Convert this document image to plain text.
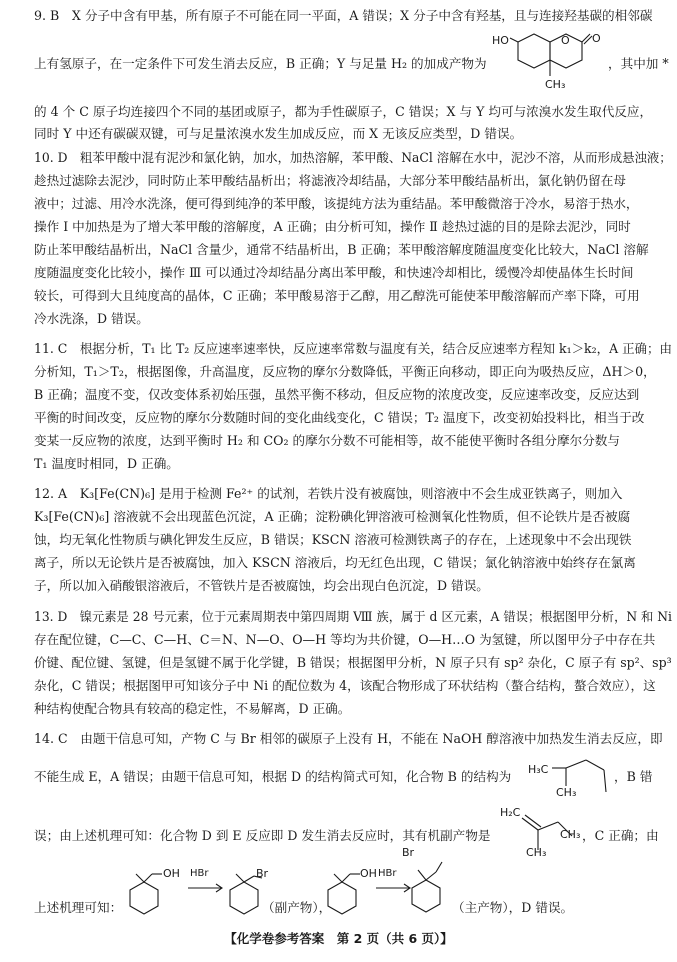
9. B　X 分子中含有甲基，所有原子不可能在同一平面，A 错误；X 分子中含有羟基，且与连接羟基碳的相邻碳
上有氢原子，在一定条件下可发生消去反应，B 正确；Y 与足量 H₂ 的加成产物为	，其中加 *
的 4 个 C 原子均连接四个不同的基团或原子，都为手性碳原子，C 错误；X 与 Y 均可与浓溴水发生取代反应，
同时 Y 中还有碳碳双键，可与足量浓溴水发生加成反应，而 X 无该反应类型，D 错误。
HO	O O
CH₃
10. D　粗苯甲酸中混有泥沙和氯化钠，加水，加热溶解，苯甲酸、NaCl 溶解在水中，泥沙不溶，从而形成悬浊液；
趁热过滤除去泥沙，同时防止苯甲酸结晶析出；将滤液冷却结晶，大部分苯甲酸结晶析出，氯化钠仍留在母
液中；过滤、用冷水洗涤，便可得到纯净的苯甲酸，该提纯方法为重结晶。苯甲酸微溶于冷水，易溶于热水，
操作 Ⅰ 中加热是为了增大苯甲酸的溶解度，A 正确；由分析可知，操作 Ⅱ 趁热过滤的目的是除去泥沙，同时
防止苯甲酸结晶析出，NaCl 含量少，通常不结晶析出，B 正确；苯甲酸溶解度随温度变化比较大，NaCl 溶解
度随温度变化比较小，操作 Ⅲ 可以通过冷却结晶分离出苯甲酸，和快速冷却相比，缓慢冷却使晶体生长时间
较长，可得到大且纯度高的晶体，C 正确；苯甲酸易溶于乙醇，用乙醇洗可能使苯甲酸溶解而产率下降，可用
冷水洗涤，D 错误。
11. C　根据分析，T₁ 比 T₂ 反应速率速率快，反应速率常数与温度有关，结合反应速率方程知 k₁＞k₂，A 正确；由
分析知，T₁＞T₂，根据图像，升高温度，反应物的摩尔分数降低，平衡正向移动，即正向为吸热反应，ΔH＞0，
B 正确；温度不变，仅改变体系初始压强，虽然平衡不移动，但反应物的浓度改变，反应速率改变，反应达到
平衡的时间改变，反应物的摩尔分数随时间的变化曲线变化，C 错误；T₂ 温度下，改变初始投料比，相当于改
变某一反应物的浓度，达到平衡时 H₂ 和 CO₂ 的摩尔分数不可能相等，故不能使平衡时各组分摩尔分数与
T₁ 温度时相同，D 正确。
12. A　K₃[Fe(CN)₆] 是用于检测 Fe²⁺ 的试剂，若铁片没有被腐蚀，则溶液中不会生成亚铁离子，则加入
K₃[Fe(CN)₆] 溶液就不会出现蓝色沉淀，A 正确；淀粉碘化钾溶液可检测氧化性物质，但不论铁片是否被腐
蚀，均无氧化性物质与碘化钾发生反应，B 错误；KSCN 溶液可检测铁离子的存在，上述现象中不会出现铁
离子，所以无论铁片是否被腐蚀，加入 KSCN 溶液后，均无红色出现，C 错误；氯化钠溶液中始终存在氯离
子，所以加入硝酸银溶液后，不管铁片是否被腐蚀，均会出现白色沉淀，D 错误。
13. D　镍元素是 28 号元素，位于元素周期表中第四周期 Ⅷ 族，属于 d 区元素，A 错误；根据图甲分析，N 和 Ni
存在配位键，C—C、C—H、C＝N、N—O、O—H 等均为共价键，O—H…O 为氢键，所以图甲分子中存在共
价键、配位键、氢键，但是氢键不属于化学键，B 错误；根据图甲分析，N 原子只有 sp² 杂化，C 原子有 sp²、sp³
杂化，C 错误；根据图甲可知该分子中 Ni 的配位数为 4，该配合物形成了环状结构（螯合结构，螯合效应），这
种结构使配合物具有较高的稳定性，不易解离，D 正确。
14. C　由题干信息可知，产物 C 与 Br 相邻的碳原子上没有 H，不能在 NaOH 醇溶液中加热发生消去反应，即
不能生成 E，A 错误；由题干信息可知，根据 D 的结构简式可知，化合物 B 的结构为	，B 错
误；由上述机理可知：化合物 D 到 E 反应即 D 发生消去反应时，其有机副产物是	，C 正确；由
H₃C
CH₃
H₂C
CH₃
CH₃
上述机理可知：
OH HBr	Br
（副产物），
OH HBr
Br
（主产物），D 错误。
【化学卷参考答案　第 2 页（共 6 页）】
